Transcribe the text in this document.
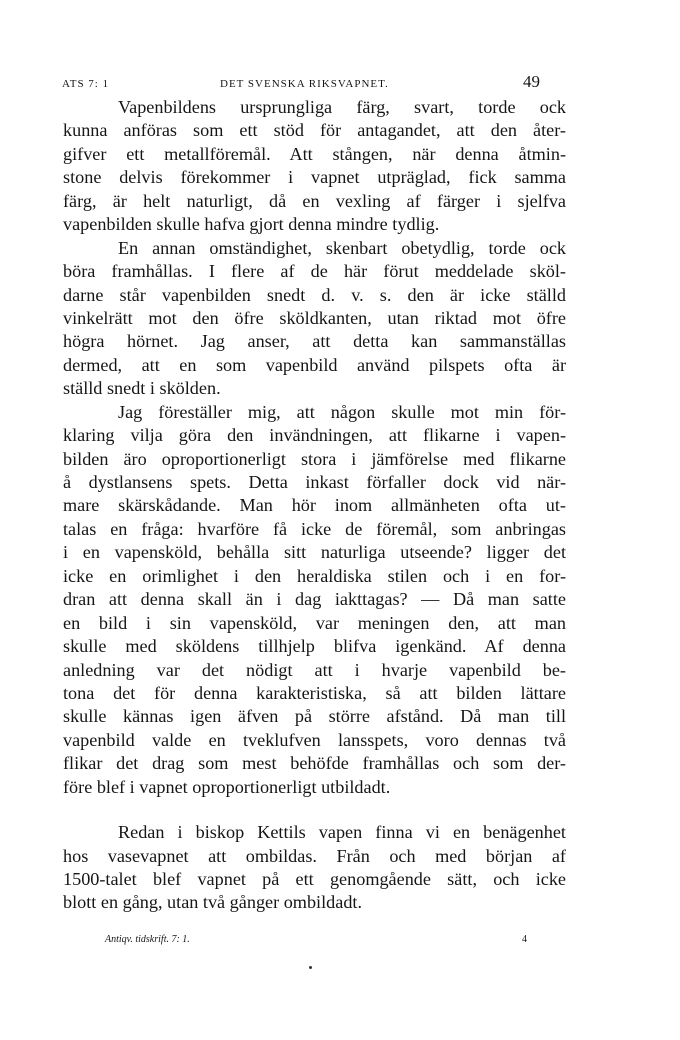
ATS 7: 1	DET SVENSKA RIKSVAPNET.	49
Vapenbildens ursprungliga färg, svart, torde ock
kunna anföras som ett stöd för antagandet, att den åter-
gifver ett metallföremål. Att stången, när denna åtmin-
stone delvis förekommer i vapnet utpräglad, fick samma
färg, är helt naturligt, då en vexling af färger i sjelfva
vapenbilden skulle hafva gjort denna mindre tydlig.
En annan omständighet, skenbart obetydlig, torde ock
böra framhållas. I flere af de här förut meddelade sköl-
darne står vapenbilden snedt d. v. s. den är icke ställd
vinkelrätt mot den öfre sköldkanten, utan riktad mot öfre
högra hörnet. Jag anser, att detta kan sammanställas
dermed, att en som vapenbild använd pilspets ofta är
ställd snedt i skölden.
Jag föreställer mig, att någon skulle mot min för-
klaring vilja göra den invändningen, att flikarne i vapen-
bilden äro oproportionerligt stora i jämförelse med flikarne
å dystlansens spets. Detta inkast förfaller dock vid när-
mare skärskådande. Man hör inom allmänheten ofta ut-
talas en fråga: hvarföre få icke de föremål, som anbringas
i en vapensköld, behålla sitt naturliga utseende? ligger det
icke en orimlighet i den heraldiska stilen och i en for-
dran att denna skall än i dag iakttagas? — Då man satte
en bild i sin vapensköld, var meningen den, att man
skulle med sköldens tillhjelp blifva igenkänd. Af denna
anledning var det nödigt att i hvarje vapenbild be-
tona det för denna karakteristiska, så att bilden lättare
skulle kännas igen äfven på större afstånd. Då man till
vapenbild valde en tveklufven lansspets, voro dennas två
flikar det drag som mest behöfde framhållas och som der-
före blef i vapnet oproportionerligt utbildadt.
Redan i biskop Kettils vapen finna vi en benägenhet
hos vasevapnet att ombildas. Från och med början af
1500-talet blef vapnet på ett genomgående sätt, och icke
blott en gång, utan två gånger ombildadt.
Antiqv. tidskrift. 7: 1.	4
